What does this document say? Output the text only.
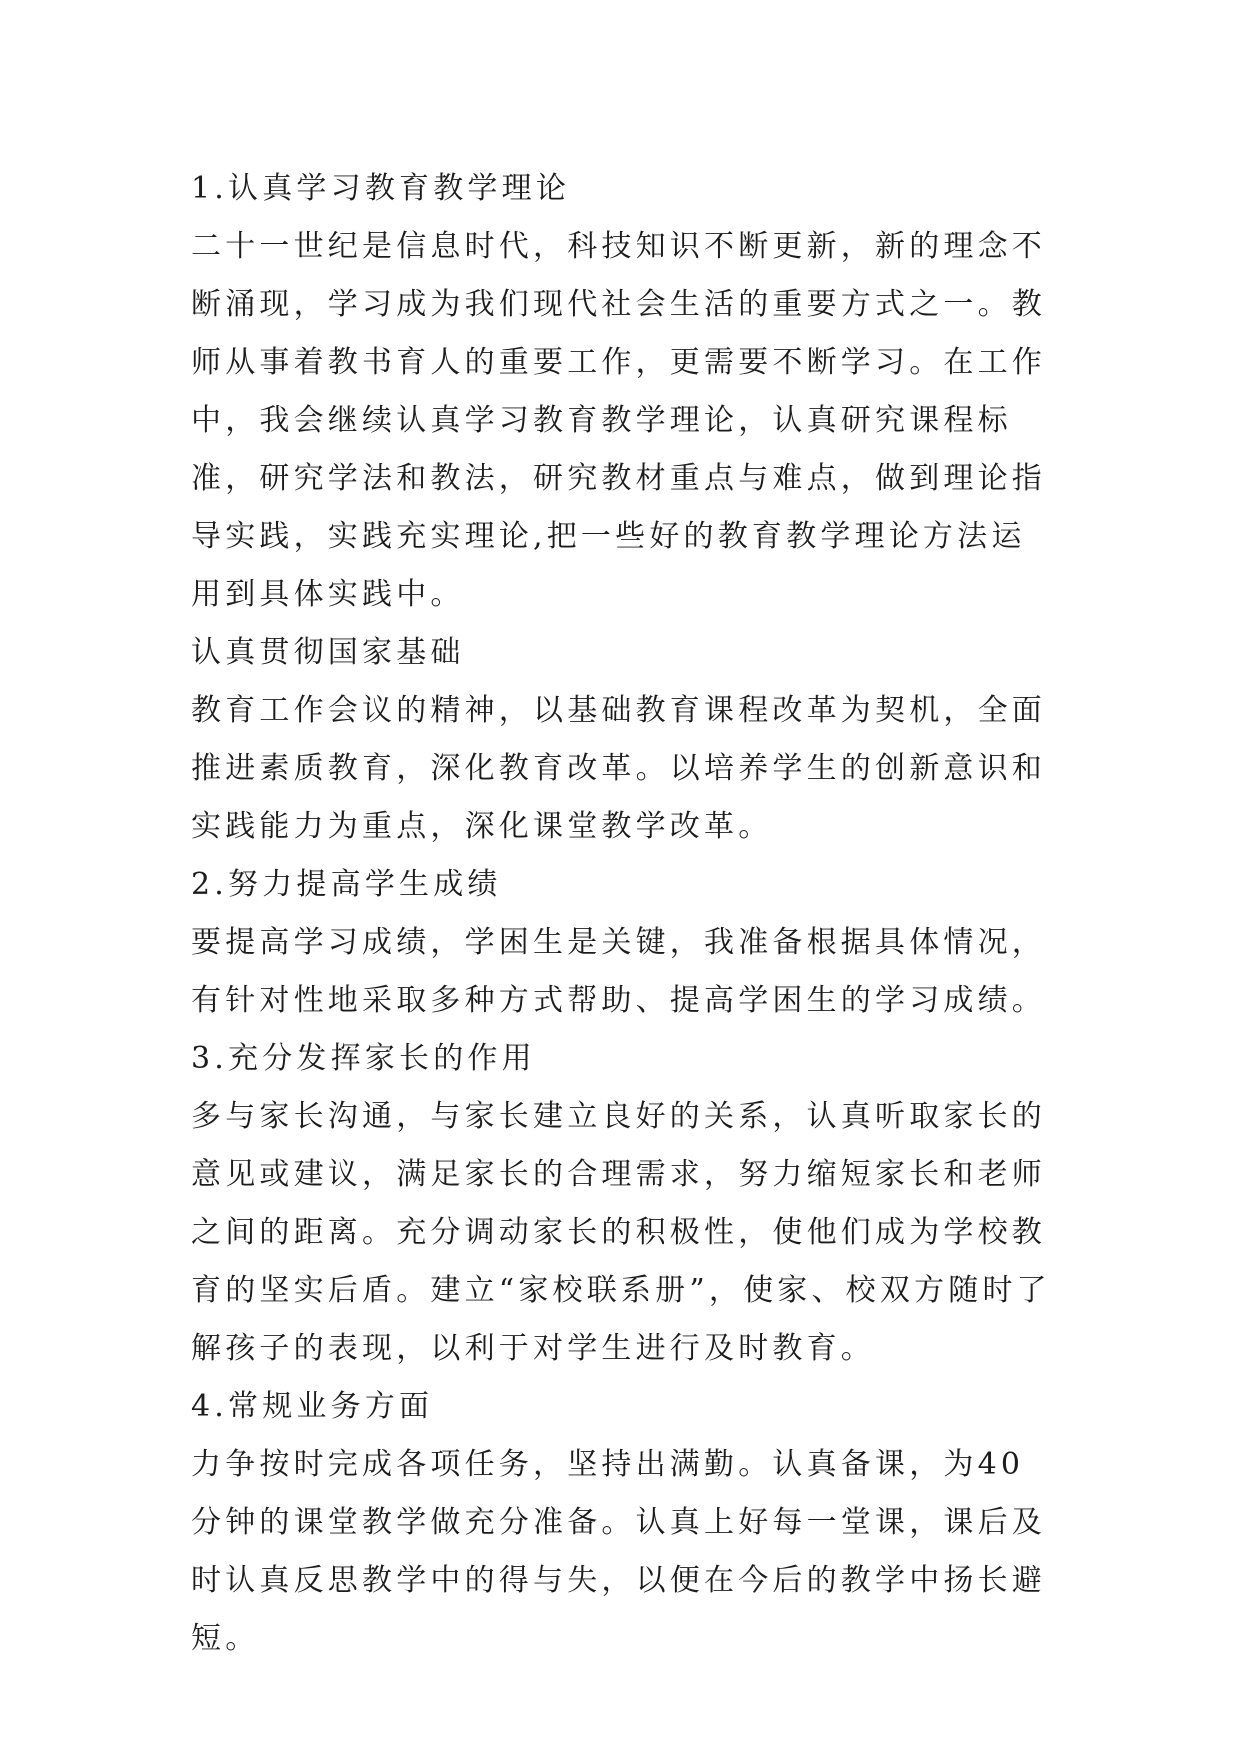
1.认真学习教育教学理论

二十一世纪是信息时代，科技知识不断更新，新的理念不断涌现，学习成为我们现代社会生活的重要方式之一。教师从事着教书育人的重要工作，更需要不断学习。在工作中，我会继续认真学习教育教学理论，认真研究课程标准，研究学法和教法，研究教材重点与难点，做到理论指导实践，实践充实理论,把一些好的教育教学理论方法运用到具体实践中。

认真贯彻国家基础

教育工作会议的精神，以基础教育课程改革为契机，全面推进素质教育，深化教育改革。以培养学生的创新意识和实践能力为重点，深化课堂教学改革。

2.努力提高学生成绩

要提高学习成绩，学困生是关键，我准备根据具体情况，有针对性地采取多种方式帮助、提高学困生的学习成绩。

3.充分发挥家长的作用

多与家长沟通，与家长建立良好的关系，认真听取家长的意见或建议，满足家长的合理需求，努力缩短家长和老师之间的距离。充分调动家长的积极性，使他们成为学校教育的坚实后盾。建立“家校联系册”，使家、校双方随时了解孩子的表现，以利于对学生进行及时教育。

4.常规业务方面

力争按时完成各项任务，坚持出满勤。认真备课，为40分钟的课堂教学做充分准备。认真上好每一堂课，课后及时认真反思教学中的得与失，以便在今后的教学中扬长避短。
